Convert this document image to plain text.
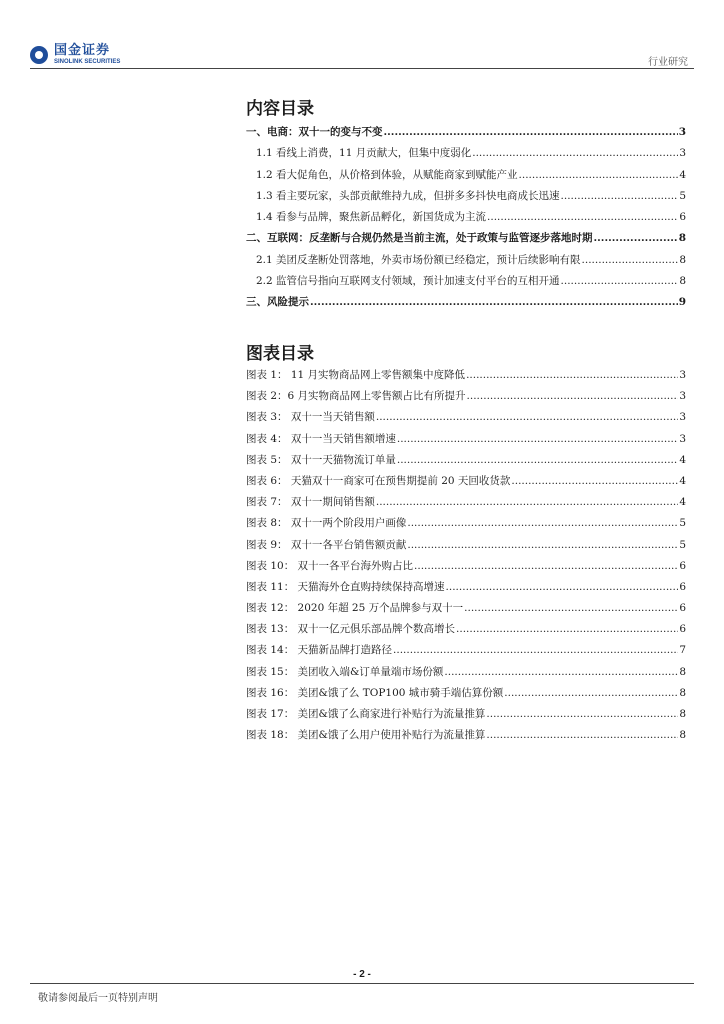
国金证券
SINOLINK SECURITIES	行业研究
内容目录
一、电商：双十一的变与不变 .....	3
1.1 看线上消费，11 月贡献大，但集中度弱化 .....	3
1.2 看大促角色，从价格到体验，从赋能商家到赋能产业 .....	4
1.3 看主要玩家，头部贡献维持九成，但拼多多抖快电商成长迅速 .....	5
1.4 看参与品牌，聚焦新品孵化，新国货成为主流 .....	6
二、互联网：反垄断与合规仍然是当前主流，处于政策与监管逐步落地时期 .....	8
2.1 美团反垄断处罚落地，外卖市场份额已经稳定，预计后续影响有限 .....	8
2.2 监管信号指向互联网支付领域，预计加速支付平台的互相开通 .....	8
三、风险提示 .....	9
图表目录
图表 1： 11 月实物商品网上零售额集中度降低 .....	3
图表 2：6 月实物商品网上零售额占比有所提升 .....	3
图表 3： 双十一当天销售额 .....	3
图表 4： 双十一当天销售额增速 .....	3
图表 5： 双十一天猫物流订单量 .....	4
图表 6： 天猫双十一商家可在预售期提前 20 天回收货款 .....	4
图表 7： 双十一期间销售额 .....	4
图表 8： 双十一两个阶段用户画像 .....	5
图表 9： 双十一各平台销售额贡献 .....	5
图表 10： 双十一各平台海外购占比 .....	6
图表 11： 天猫海外仓直购持续保持高增速 .....	6
图表 12： 2020 年超 25 万个品牌参与双十一 .....	6
图表 13： 双十一亿元俱乐部品牌个数高增长 .....	6
图表 14： 天猫新品牌打造路径 .....	7
图表 15： 美团收入端&订单量端市场份额 .....	8
图表 16： 美团&饿了么 TOP100 城市骑手端估算份额 .....	8
图表 17： 美团&饿了么商家进行补贴行为流量推算 .....	8
图表 18： 美团&饿了么用户使用补贴行为流量推算 .....	8
- 2 -
敬请参阅最后一页特别声明
